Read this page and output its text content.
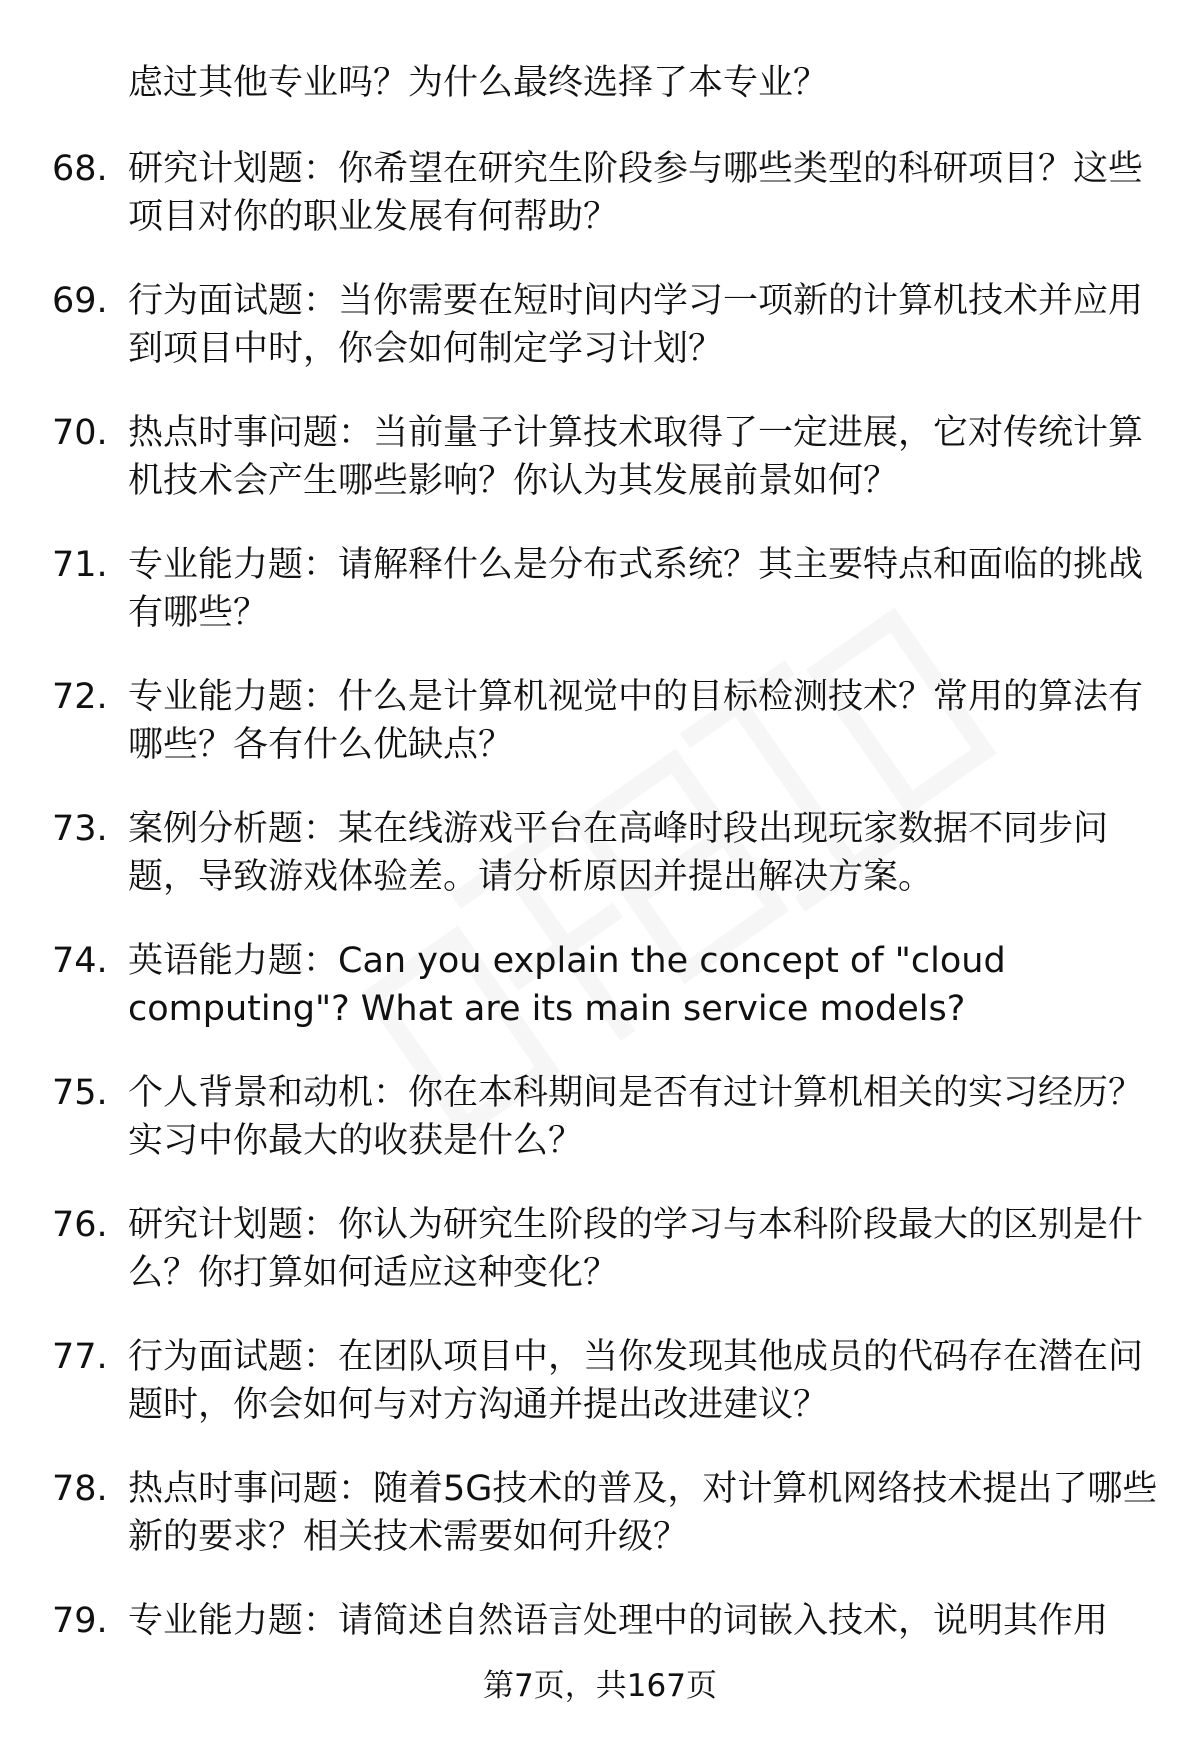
虑过其他专业吗？为什么最终选择了本专业？
68. 研究计划题：你希望在研究生阶段参与哪些类型的科研项目？这些项目对你的职业发展有何帮助？
69. 行为面试题：当你需要在短时间内学习一项新的计算机技术并应用到项目中时，你会如何制定学习计划？
70. 热点时事问题：当前量子计算技术取得了一定进展，它对传统计算机技术会产生哪些影响？你认为其发展前景如何？
71. 专业能力题：请解释什么是分布式系统？其主要特点和面临的挑战有哪些？
72. 专业能力题：什么是计算机视觉中的目标检测技术？常用的算法有哪些？各有什么优缺点？
73. 案例分析题：某在线游戏平台在高峰时段出现玩家数据不同步问题，导致游戏体验差。请分析原因并提出解决方案。
74. 英语能力题：Can you explain the concept of "cloud computing"? What are its main service models?
75. 个人背景和动机：你在本科期间是否有过计算机相关的实习经历？实习中你最大的收获是什么？
76. 研究计划题：你认为研究生阶段的学习与本科阶段最大的区别是什么？你打算如何适应这种变化？
77. 行为面试题：在团队项目中，当你发现其他成员的代码存在潜在问题时，你会如何与对方沟通并提出改进建议？
78. 热点时事问题：随着5G技术的普及，对计算机网络技术提出了哪些新的要求？相关技术需要如何升级？
79. 专业能力题：请简述自然语言处理中的词嵌入技术，说明其作用
第7页，共167页
